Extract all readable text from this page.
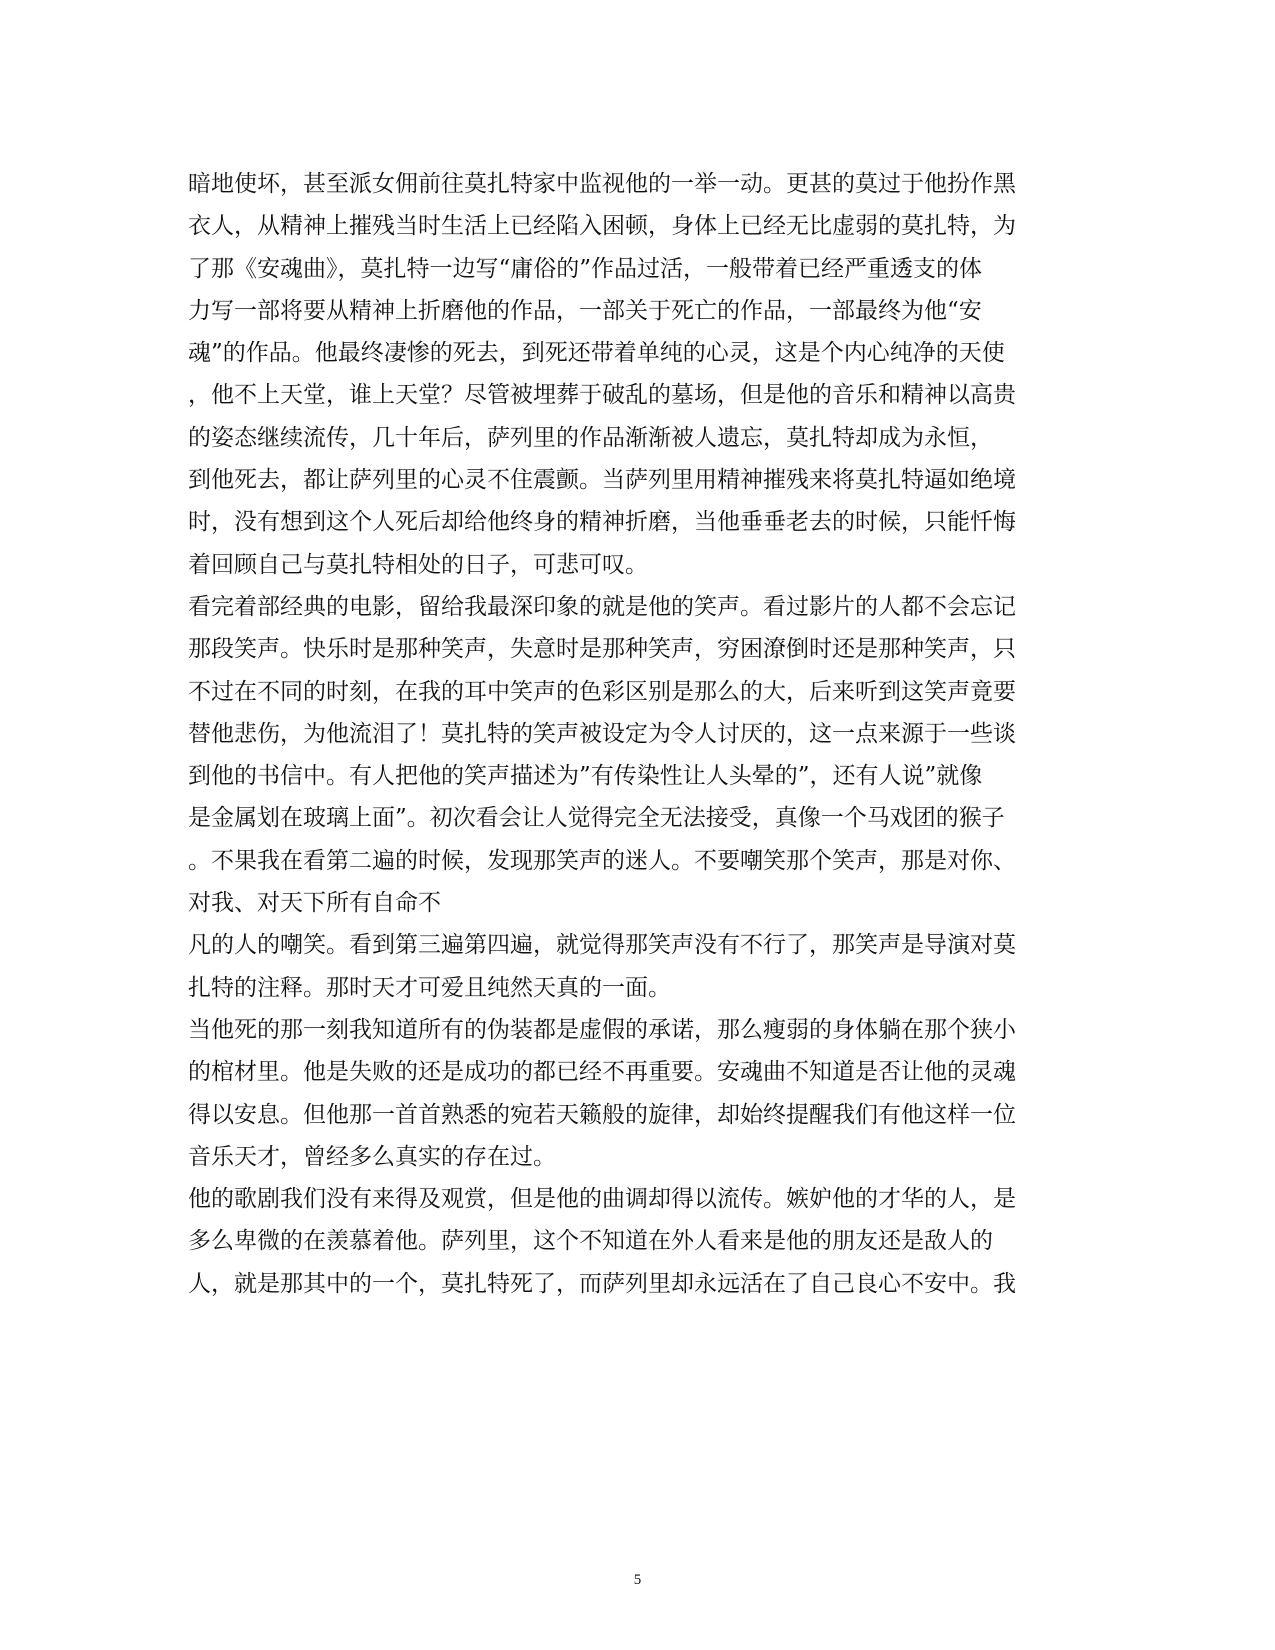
暗地使坏，甚至派女佣前往莫扎特家中监视他的一举一动。更甚的莫过于他扮作黑
衣人，从精神上摧残当时生活上已经陷入困顿，身体上已经无比虚弱的莫扎特，为
了那《安魂曲》，莫扎特一边写“庸俗的”作品过活，一般带着已经严重透支的体
力写一部将要从精神上折磨他的作品，一部关于死亡的作品，一部最终为他“安
魂”的作品。他最终凄惨的死去，到死还带着单纯的心灵，这是个内心纯净的天使
，他不上天堂，谁上天堂？尽管被埋葬于破乱的墓场，但是他的音乐和精神以高贵
的姿态继续流传，几十年后，萨列里的作品渐渐被人遗忘，莫扎特却成为永恒，
到他死去，都让萨列里的心灵不住震颤。当萨列里用精神摧残来将莫扎特逼如绝境
时，没有想到这个人死后却给他终身的精神折磨，当他垂垂老去的时候，只能忏悔
着回顾自己与莫扎特相处的日子，可悲可叹。
看完着部经典的电影，留给我最深印象的就是他的笑声。看过影片的人都不会忘记
那段笑声。快乐时是那种笑声，失意时是那种笑声，穷困潦倒时还是那种笑声，只
不过在不同的时刻，在我的耳中笑声的色彩区别是那么的大，后来听到这笑声竟要
替他悲伤，为他流泪了！莫扎特的笑声被设定为令人讨厌的，这一点来源于一些谈
到他的书信中。有人把他的笑声描述为”有传染性让人头晕的”，还有人说”就像
是金属划在玻璃上面”。初次看会让人觉得完全无法接受，真像一个马戏团的猴子
。不果我在看第二遍的时候，发现那笑声的迷人。不要嘲笑那个笑声，那是对你、
对我、对天下所有自命不
凡的人的嘲笑。看到第三遍第四遍，就觉得那笑声没有不行了，那笑声是导演对莫
扎特的注释。那时天才可爱且纯然天真的一面。
当他死的那一刻我知道所有的伪装都是虚假的承诺，那么瘦弱的身体躺在那个狭小
的棺材里。他是失败的还是成功的都已经不再重要。安魂曲不知道是否让他的灵魂
得以安息。但他那一首首熟悉的宛若天籁般的旋律，却始终提醒我们有他这样一位
音乐天才，曾经多么真实的存在过。
他的歌剧我们没有来得及观赏，但是他的曲调却得以流传。嫉妒他的才华的人，是
多么卑微的在羡慕着他。萨列里，这个不知道在外人看来是他的朋友还是敌人的
人，就是那其中的一个，莫扎特死了，而萨列里却永远活在了自己良心不安中。我
5
